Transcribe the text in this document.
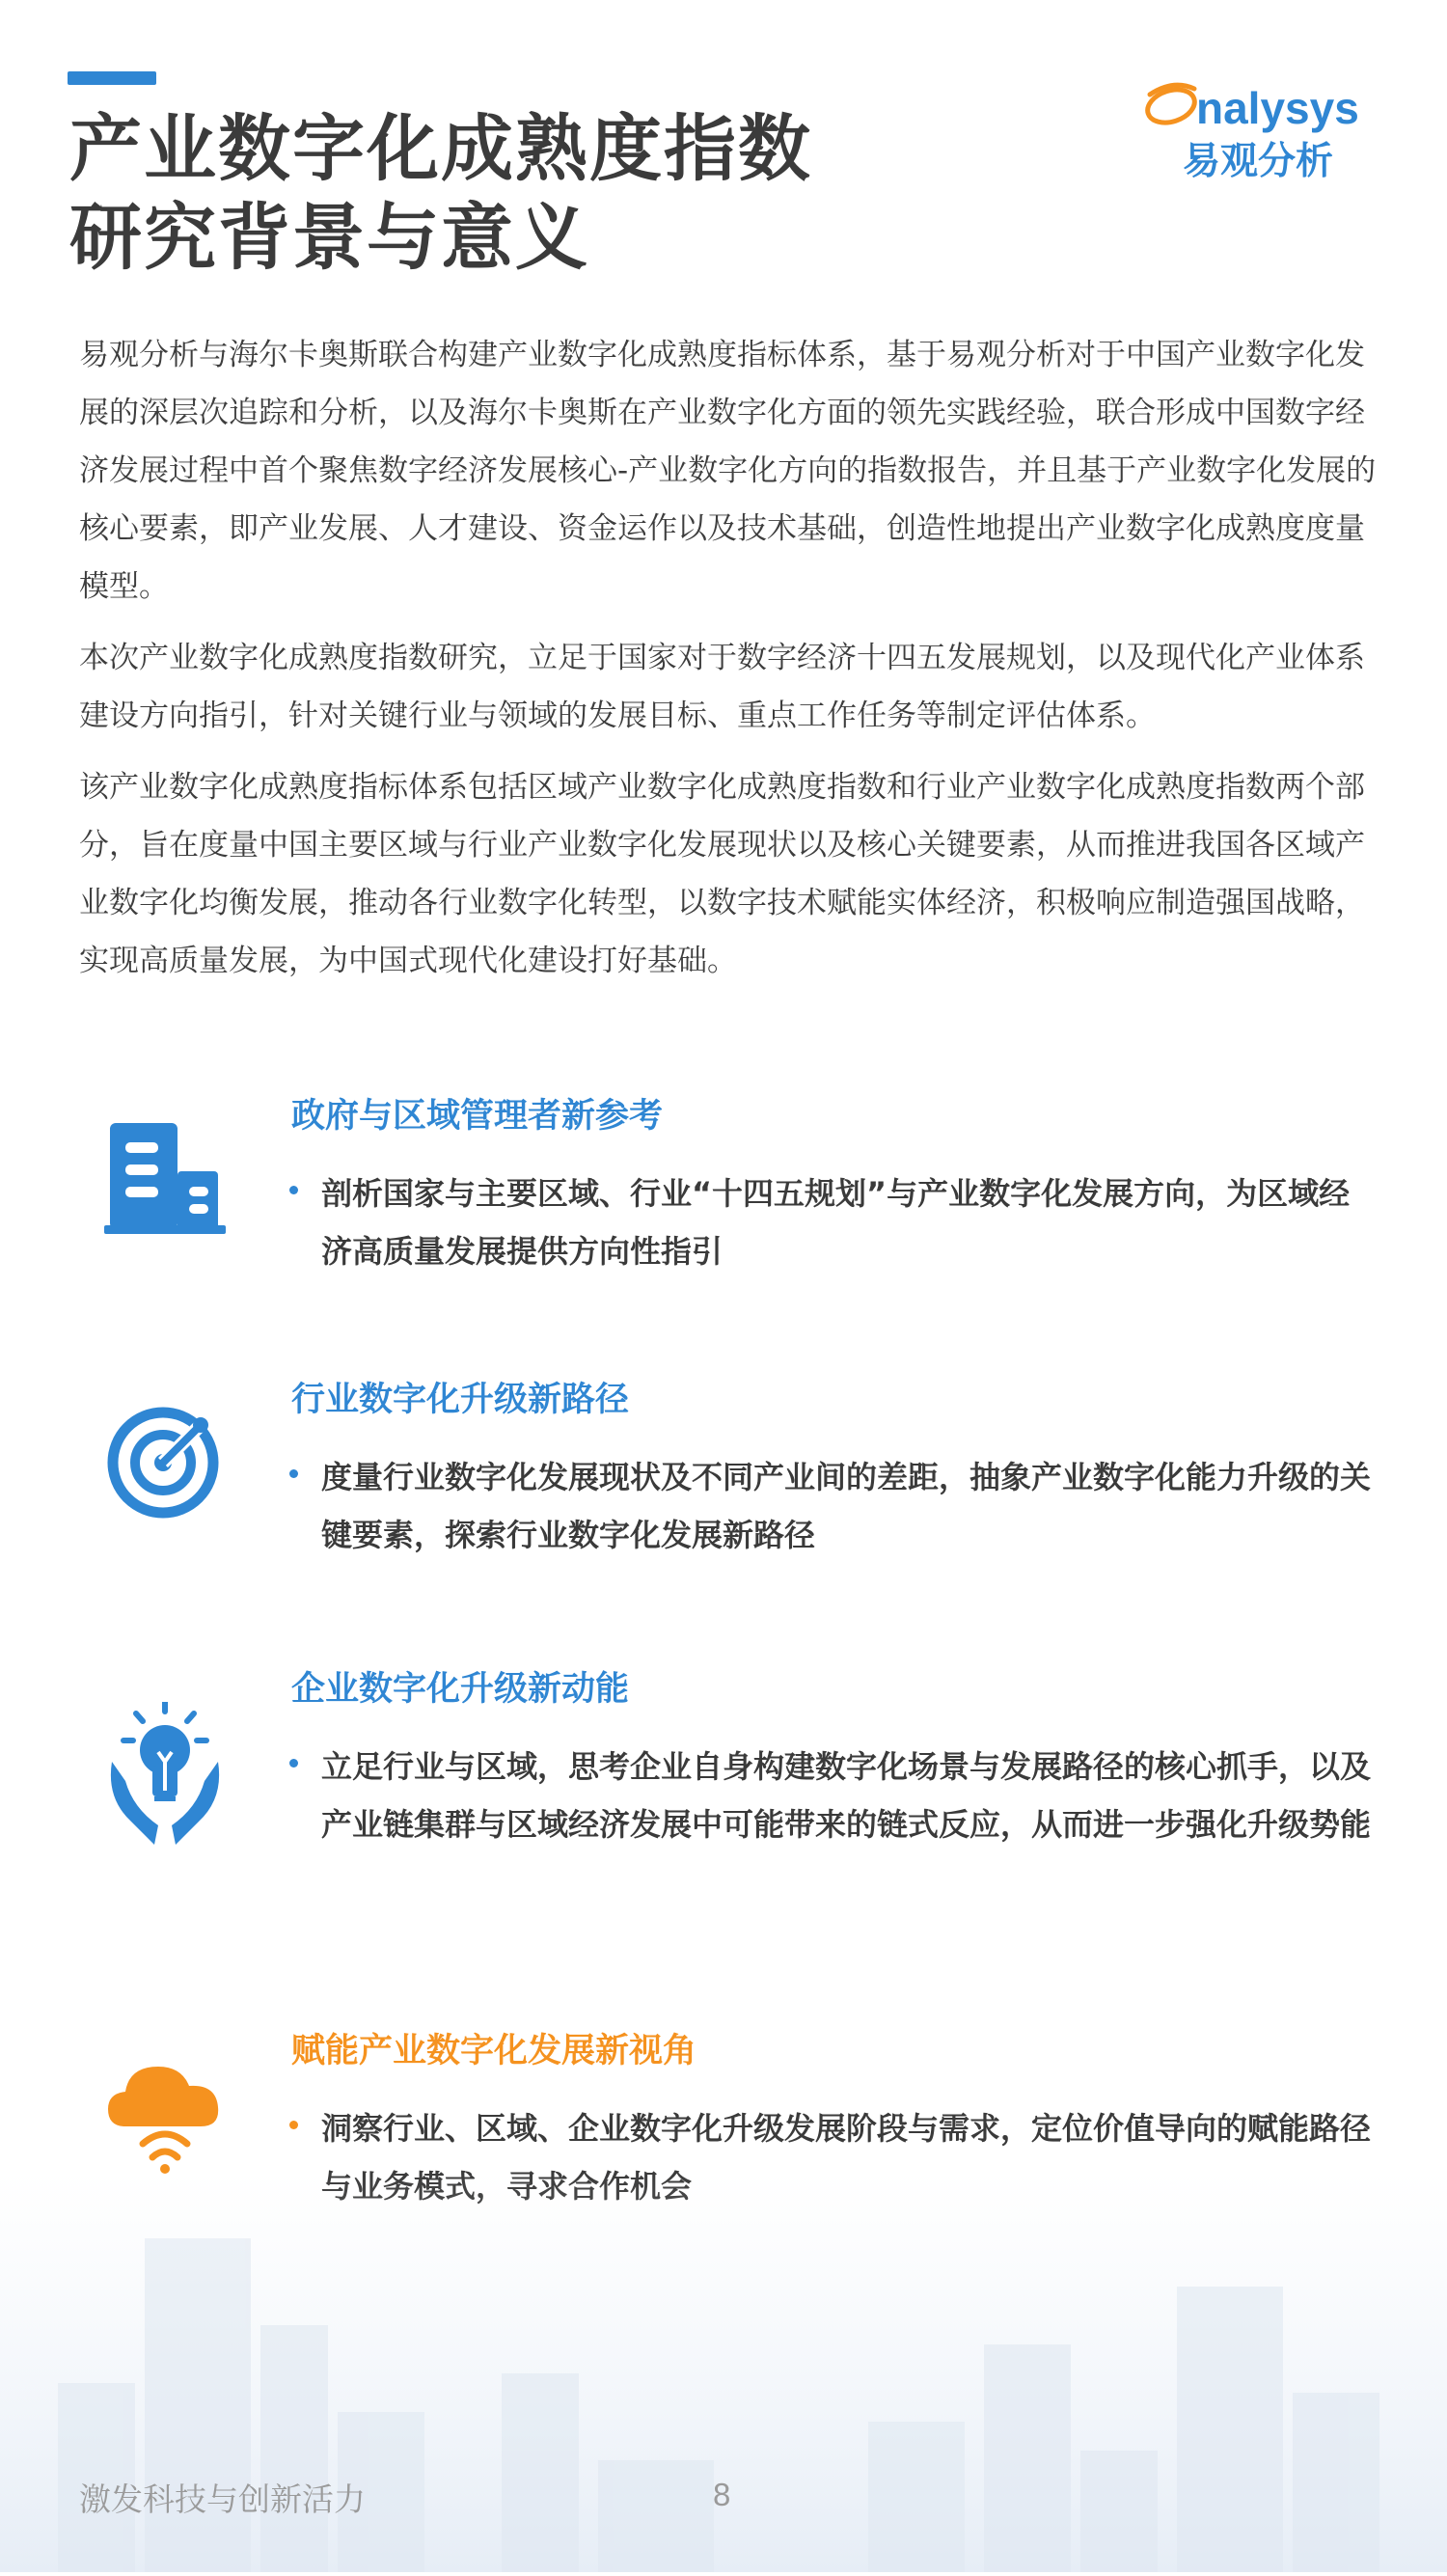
产业数字化成熟度指数
研究背景与意义
nalysys
易观分析

易观分析与海尔卡奥斯联合构建产业数字化成熟度指标体系，基于易观分析对于中国产业数字化发展的深层次追踪和分析，以及海尔卡奥斯在产业数字化方面的领先实践经验，联合形成中国数字经济发展过程中首个聚焦数字经济发展核心-产业数字化方向的指数报告，并且基于产业数字化发展的核心要素，即产业发展、人才建设、资金运作以及技术基础，创造性地提出产业数字化成熟度度量模型。

本次产业数字化成熟度指数研究，立足于国家对于数字经济十四五发展规划，以及现代化产业体系建设方向指引，针对关键行业与领域的发展目标、重点工作任务等制定评估体系。

该产业数字化成熟度指标体系包括区域产业数字化成熟度指数和行业产业数字化成熟度指数两个部分，旨在度量中国主要区域与行业产业数字化发展现状以及核心关键要素，从而推进我国各区域产业数字化均衡发展，推动各行业数字化转型，以数字技术赋能实体经济，积极响应制造强国战略，实现高质量发展，为中国式现代化建设打好基础。

政府与区域管理者新参考
剖析国家与主要区域、行业“十四五规划”与产业数字化发展方向，为区域经济高质量发展提供方向性指引
行业数字化升级新路径
度量行业数字化发展现状及不同产业间的差距，抽象产业数字化能力升级的关键要素，探索行业数字化发展新路径
企业数字化升级新动能
立足行业与区域，思考企业自身构建数字化场景与发展路径的核心抓手，以及产业链集群与区域经济发展中可能带来的链式反应，从而进一步强化升级势能
赋能产业数字化发展新视角
洞察行业、区域、企业数字化升级发展阶段与需求，定位价值导向的赋能路径
激发科技与创新活力	8
